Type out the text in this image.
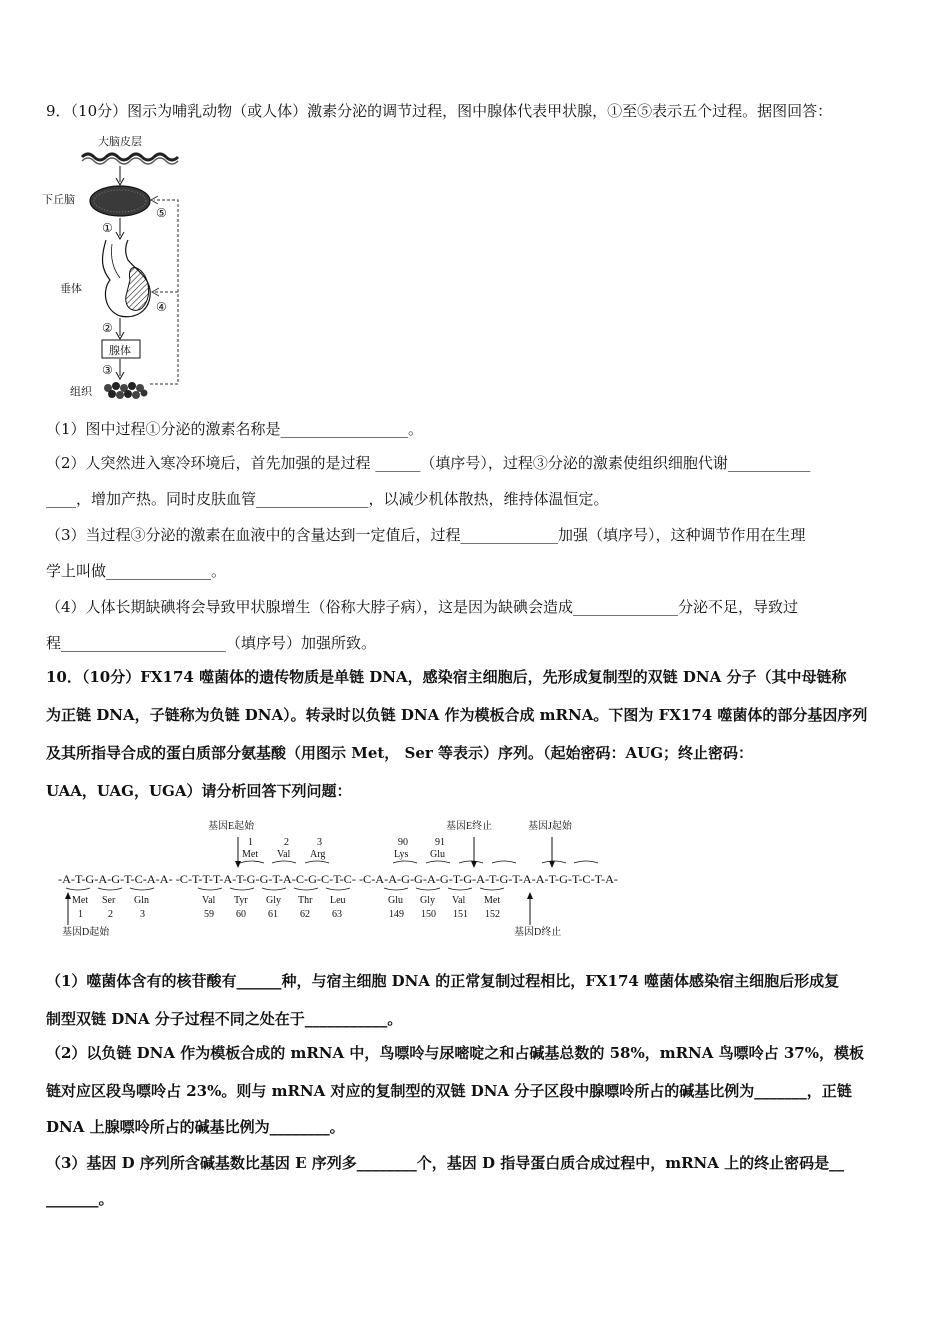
9．（10分）图示为哺乳动物（或人体）激素分泌的调节过程，图中腺体代表甲状腺，①至⑤表示五个过程。据图回答：
大脑皮层
下丘脑
①
垂体
②
腺体
③
组织
⑤
④
（1）图中过程①分泌的激素名称是_________________。
（2）人突然进入寒冷环境后，首先加强的是过程 ______（填序号），过程③分泌的激素使组织细胞代谢___________
____，增加产热。同时皮肤血管_______________，以减少机体散热，维持体温恒定。
（3）当过程③分泌的激素在血液中的含量达到一定值后，过程_____________加强（填序号），这种调节作用在生理
学上叫做______________。
（4）人体长期缺碘将会导致甲状腺增生（俗称大脖子病），这是因为缺碘会造成______________分泌不足，导致过
程______________________（填序号）加强所致。
10．（10分）FX174 噬菌体的遗传物质是单链 DNA，感染宿主细胞后，先形成复制型的双链 DNA 分子（其中母链称
为正链 DNA，子链称为负链 DNA）。转录时以负链 DNA 作为模板合成 mRNA。下图为 FX174 噬菌体的部分基因序列
及其所指导合成的蛋白质部分氨基酸（用图示 Met， Ser 等表示）序列。（起始密码：AUG；终止密码：
UAA，UAG，UGA）请分析回答下列问题：
基因E起始	基因E终止	基因J起始
1	2	3	90	91
Met Val Arg	Lys Glu
-A-T-G-A-G-T-C-A-A- -C-T-T-T-A-T-G-G-T-A-C-G-C-T-C- -C-A-A-G-G-A-G-T-G-A-T-G-T-A-A-T-G-T-C-T-A-
Met Ser Gln	Val Tyr Gly Thr Leu	Glu Gly Val Met
1	2	3	59 60 61 62 63	149 150 151 152
基因D起始	基因D终止
（1）噬菌体含有的核苷酸有______种，与宿主细胞 DNA 的正常复制过程相比，FX174 噬菌体感染宿主细胞后形成复
制型双链 DNA 分子过程不同之处在于___________。
（2）以负链 DNA 作为模板合成的 mRNA 中，鸟嘌呤与尿嘧啶之和占碱基总数的 58%，mRNA 鸟嘌呤占 37%，模板
链对应区段鸟嘌呤占 23%。则与 mRNA 对应的复制型的双链 DNA 分子区段中腺嘌呤所占的碱基比例为_______，正链
DNA 上腺嘌呤所占的碱基比例为________。
（3）基因 D 序列所含碱基数比基因 E 序列多________个，基因 D 指导蛋白质合成过程中，mRNA 上的终止密码是__
_______。
